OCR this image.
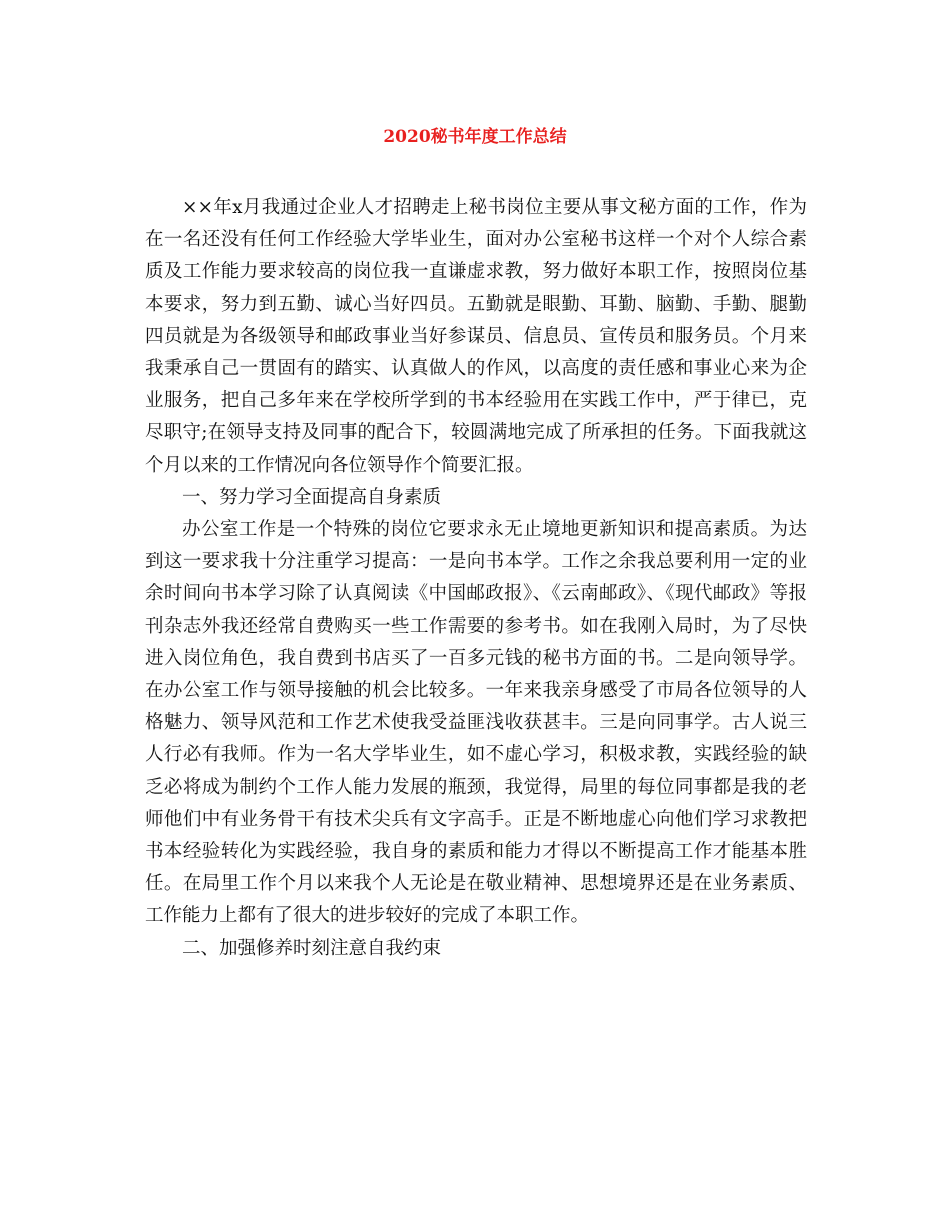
2020秘书年度工作总结

××年x月我通过企业人才招聘走上秘书岗位主要从事文秘方面的工作，作为在一名还没有任何工作经验大学毕业生，面对办公室秘书这样一个对个人综合素质及工作能力要求较高的岗位我一直谦虚求教，努力做好本职工作，按照岗位基本要求，努力到五勤、诚心当好四员。五勤就是眼勤、耳勤、脑勤、手勤、腿勤四员就是为各级领导和邮政事业当好参谋员、信息员、宣传员和服务员。个月来我秉承自己一贯固有的踏实、认真做人的作风，以高度的责任感和事业心来为企业服务，把自己多年来在学校所学到的书本经验用在实践工作中，严于律已，克尽职守;在领导支持及同事的配合下，较圆满地完成了所承担的任务。下面我就这个月以来的工作情况向各位领导作个简要汇报。

一、努力学习全面提高自身素质

办公室工作是一个特殊的岗位它要求永无止境地更新知识和提高素质。为达到这一要求我十分注重学习提高：一是向书本学。工作之余我总要利用一定的业余时间向书本学习除了认真阅读《中国邮政报》、《云南邮政》、《现代邮政》等报刊杂志外我还经常自费购买一些工作需要的参考书。如在我刚入局时，为了尽快进入岗位角色，我自费到书店买了一百多元钱的秘书方面的书。二是向领导学。在办公室工作与领导接触的机会比较多。一年来我亲身感受了市局各位领导的人格魅力、领导风范和工作艺术使我受益匪浅收获甚丰。三是向同事学。古人说三人行必有我师。作为一名大学毕业生，如不虚心学习，积极求教，实践经验的缺乏必将成为制约个工作人能力发展的瓶颈，我觉得，局里的每位同事都是我的老师他们中有业务骨干有技术尖兵有文字高手。正是不断地虚心向他们学习求教把书本经验转化为实践经验，我自身的素质和能力才得以不断提高工作才能基本胜任。在局里工作个月以来我个人无论是在敬业精神、思想境界还是在业务素质、工作能力上都有了很大的进步较好的完成了本职工作。

二、加强修养时刻注意自我约束
